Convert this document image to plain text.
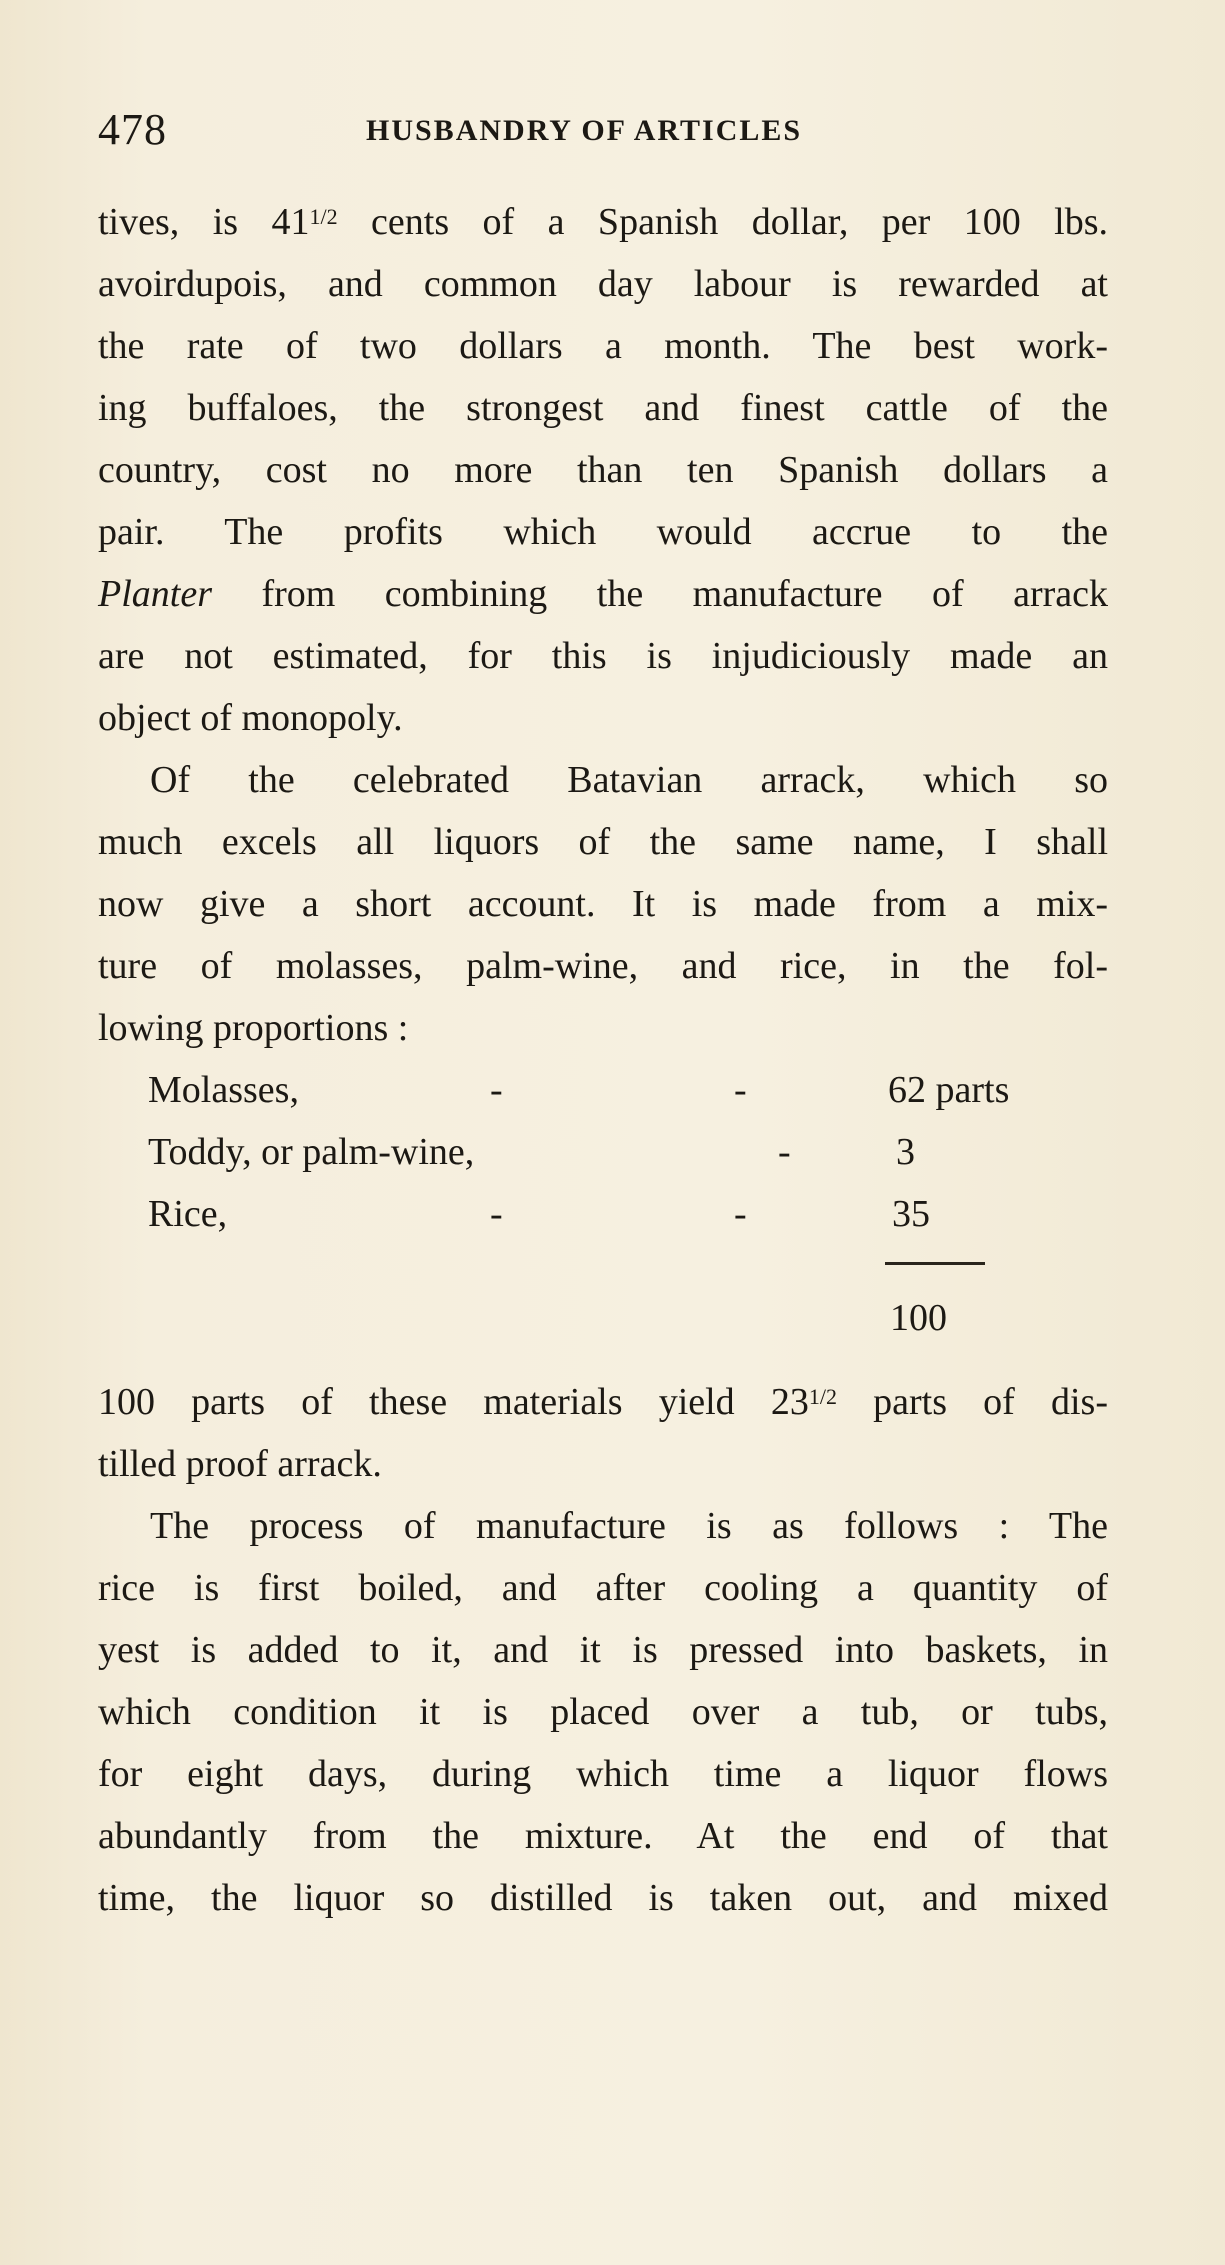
478	HUSBANDRY OF ARTICLES
tives, is 411/2 cents of a Spanish dollar, per 100 lbs.
avoirdupois, and common day labour is rewarded at
the rate of two dollars a month. The best work-
ing buffaloes, the strongest and finest cattle of the
country, cost no more than ten Spanish dollars a
pair. The profits which would accrue to the
Planter from combining the manufacture of arrack
are not estimated, for this is injudiciously made an
object of monopoly.
Of the celebrated Batavian arrack, which so
much excels all liquors of the same name, I shall
now give a short account. It is made from a mix-
ture of molasses, palm-wine, and rice, in the fol-
lowing proportions :
Molasses,	-	-	62 parts
Toddy, or palm-wine,	-	3
Rice,	-	-	35
100
100 parts of these materials yield 231/2 parts of dis-
tilled proof arrack.
The process of manufacture is as follows : The
rice is first boiled, and after cooling a quantity of
yest is added to it, and it is pressed into baskets, in
which condition it is placed over a tub, or tubs,
for eight days, during which time a liquor flows
abundantly from the mixture. At the end of that
time, the liquor so distilled is taken out, and mixed
